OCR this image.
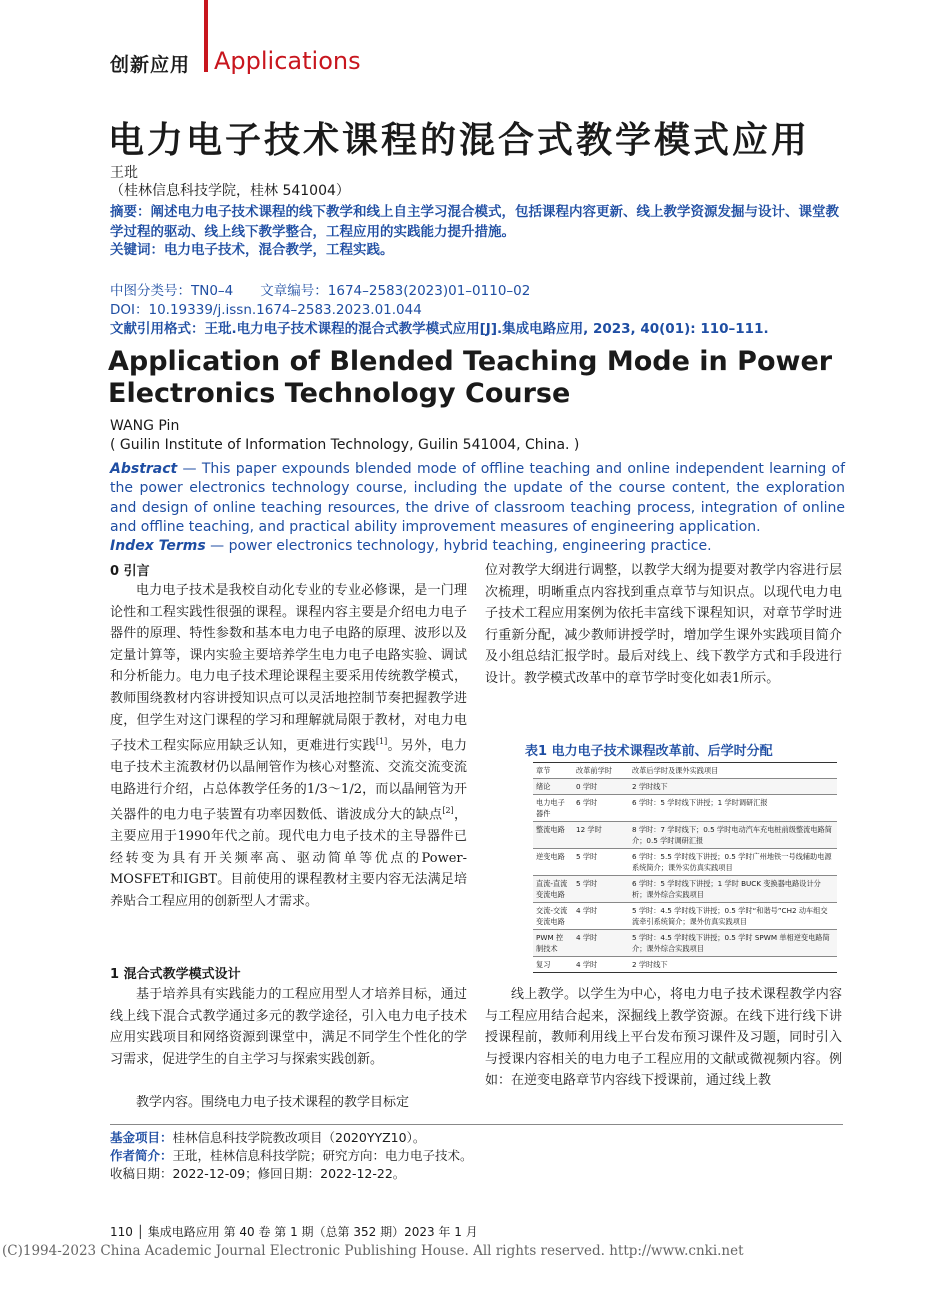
创新应用 Applications
电力电子技术课程的混合式教学模式应用
王玭
（桂林信息科技学院，桂林 541004）
摘要：阐述电力电子技术课程的线下教学和线上自主学习混合模式，包括课程内容更新、线上教学资源发掘与设计、课堂教学过程的驱动、线上线下教学整合，工程应用的实践能力提升措施。
关键词：电力电子技术，混合教学，工程实践。
中图分类号：TN0–4　　文章编号：1674–2583(2023)01–0110–02
DOI：10.19339/j.issn.1674–2583.2023.01.044
文献引用格式：王玭.电力电子技术课程的混合式教学模式应用[J].集成电路应用, 2023, 40(01): 110–111.
Application of Blended Teaching Mode in Power Electronics Technology Course
WANG Pin
( Guilin Institute of Information Technology, Guilin 541004, China. )
Abstract — This paper expounds blended mode of offline teaching and online independent learning of the power electronics technology course, including the update of the course content, the exploration and design of online teaching resources, the drive of classroom teaching process, integration of online and offline teaching, and practical ability improvement measures of engineering application.
Index Terms — power electronics technology, hybrid teaching, engineering practice.
0 引言
电力电子技术是我校自动化专业的专业必修课，是一门理论性和工程实践性很强的课程。课程内容主要是介绍电力电子器件的原理、特性参数和基本电力电子电路的原理、波形以及定量计算等，课内实验主要培养学生电力电子电路实验、调试和分析能力。电力电子技术理论课程主要采用传统教学模式，教师围绕教材内容讲授知识点可以灵活地控制节奏把握教学进度，但学生对这门课程的学习和理解就局限于教材，对电力电子技术工程实际应用缺乏认知，更难进行实践[1]。另外，电力电子技术主流教材仍以晶闸管作为核心对整流、交流交流变流电路进行介绍，占总体教学任务的1/3～1/2，而以晶闸管为开关器件的电力电子装置有功率因数低、谐波成分大的缺点[2]，主要应用于1990年代之前。现代电力电子技术的主导器件已经转变为具有开关频率高、驱动简单等优点的Power-MOSFET和IGBT。目前使用的课程教材主要内容无法满足培养贴合工程应用的创新型人才需求。
1 混合式教学模式设计
基于培养具有实践能力的工程应用型人才培养目标，通过线上线下混合式教学通过多元的教学途径，引入电力电子技术应用实践项目和网络资源到课堂中，满足不同学生个性化的学习需求，促进学生的自主学习与探索实践创新。
教学内容。围绕电力电子技术课程的教学目标定
位对教学大纲进行调整，以教学大纲为提要对教学内容进行层次梳理，明晰重点内容找到重点章节与知识点。以现代电力电子技术工程应用案例为依托丰富线下课程知识，对章节学时进行重新分配，减少教师讲授学时，增加学生课外实践项目简介及小组总结汇报学时。最后对线上、线下教学方式和手段进行设计。教学模式改革中的章节学时变化如表1所示。
表1 电力电子技术课程改革前、后学时分配
章节	改革前学时	改革后学时及课外实践项目
绪论	0 学时	2 学时线下
电力电子器件	6 学时	6 学时：5 学时线下讲授；1 学时调研汇报
整流电路	12 学时	8 学时：7 学时线下；0.5 学时电动汽车充电桩前级整流电路简介；0.5 学时调研汇报
逆变电路	5 学时	6 学时：5.5 学时线下讲授；0.5 学时广州地铁一号线辅助电源系统简介；课外实仿真实践项目
直流-直流变流电路	5 学时	6 学时：5 学时线下讲授；1 学时 BUCK 变换器电路设计分析；课外综合实践项目
交流-交流变流电路	4 学时	5 学时：4.5 学时线下讲授；0.5 学时“和谐号”CH2 动车组交流牵引系统简介；课外仿真实践项目
PWM 控制技术	4 学时	5 学时：4.5 学时线下讲授；0.5 学时 SPWM 单相逆变电路简介；课外综合实践项目
复习	4 学时	2 学时线下
线上教学。以学生为中心，将电力电子技术课程教学内容与工程应用结合起来，深掘线上教学资源。在线下进行线下讲授课程前，教师利用线上平台发布预习课件及习题，同时引入与授课内容相关的电力电子工程应用的文献或微视频内容。例如：在逆变电路章节内容线下授课前，通过线上教
基金项目：桂林信息科技学院教改项目（2020YYZ10）。
作者简介：王玭，桂林信息科技学院；研究方向：电力电子技术。
收稿日期：2022-12-09；修回日期：2022-12-22。
110 │ 集成电路应用 第 40 卷 第 1 期（总第 352 期）2023 年 1 月
(C)1994-2023 China Academic Journal Electronic Publishing House. All rights reserved. http://www.cnki.net
